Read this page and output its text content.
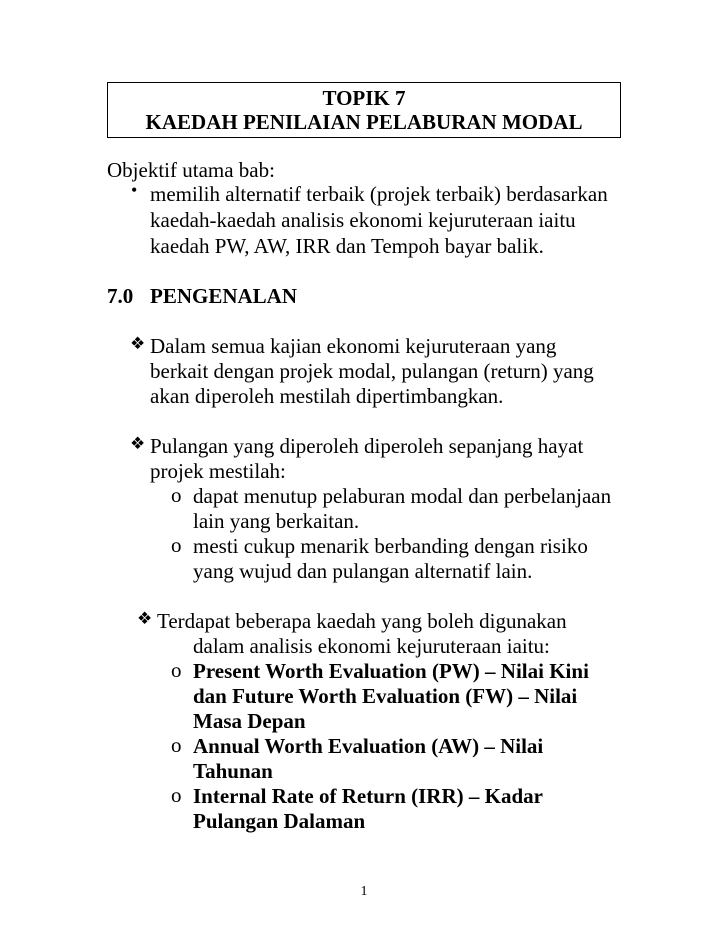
TOPIK 7
KAEDAH PENILAIAN PELABURAN MODAL
Objektif utama bab:
• memilih alternatif terbaik (projek terbaik) berdasarkan
kaedah-kaedah analisis ekonomi kejuruteraan iaitu
kaedah PW, AW, IRR dan Tempoh bayar balik.
7.0 PENGENALAN
❖ Dalam semua kajian ekonomi kejuruteraan yang
berkait dengan projek modal, pulangan (return) yang
akan diperoleh mestilah dipertimbangkan.
❖ Pulangan yang diperoleh diperoleh sepanjang hayat
projek mestilah:
o dapat menutup pelaburan modal dan perbelanjaan
lain yang berkaitan.
o mesti cukup menarik berbanding dengan risiko
yang wujud dan pulangan alternatif lain.
❖ Terdapat beberapa kaedah yang boleh digunakan
dalam analisis ekonomi kejuruteraan iaitu:
o Present Worth Evaluation (PW) – Nilai Kini
dan Future Worth Evaluation (FW) – Nilai
Masa Depan
o Annual Worth Evaluation (AW) – Nilai
Tahunan
o Internal Rate of Return (IRR) – Kadar
Pulangan Dalaman
1
